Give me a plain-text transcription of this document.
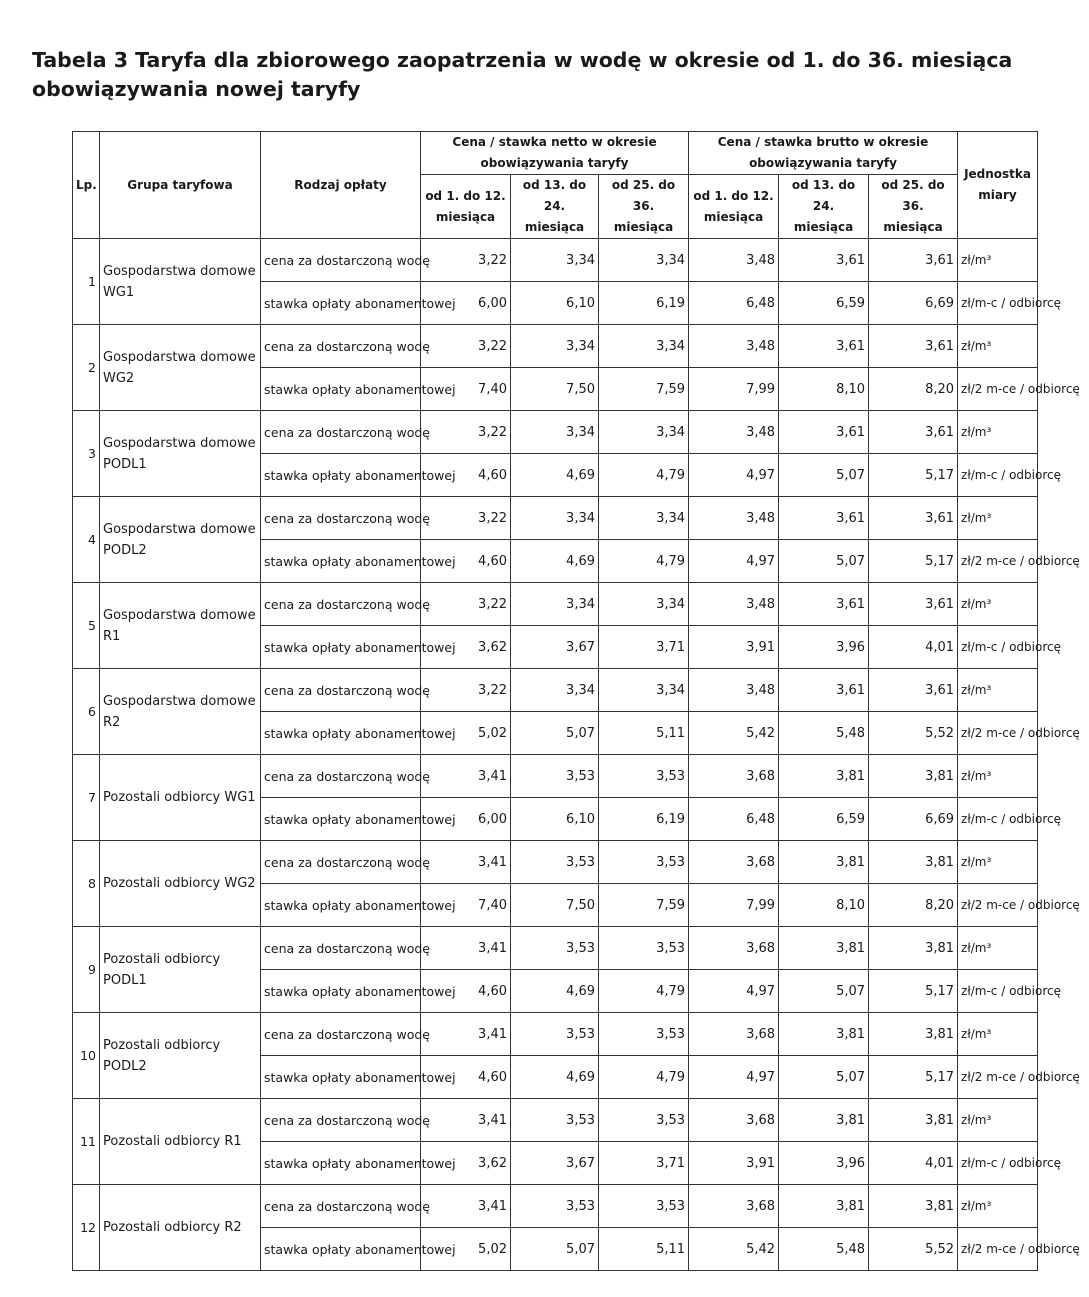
Tabela 3 Taryfa dla zbiorowego zaopatrzenia w wodę w okresie od 1. do 36. miesiąca obowiązywania nowej taryfy
Lp.	Grupa taryfowa	Rodzaj opłaty	Cena / stawka netto w okresie obowiązywania taryfy			Cena / stawka brutto w okresie obowiązywania taryfy			Jednostka miary
			od 1. do 12. miesiąca	od 13. do 24. miesiąca	od 25. do 36. miesiąca	od 1. do 12. miesiąca	od 13. do 24. miesiąca	od 25. do 36. miesiąca	
1	Gospodarstwa domowe WG1	cena za dostarczoną wodę	3,22	3,34	3,34	3,48	3,61	3,61	zł/m³
		stawka opłaty abonamentowej	6,00	6,10	6,19	6,48	6,59	6,69	zł/m-c / odbiorcę
2	Gospodarstwa domowe WG2	cena za dostarczoną wodę	3,22	3,34	3,34	3,48	3,61	3,61	zł/m³
		stawka opłaty abonamentowej	7,40	7,50	7,59	7,99	8,10	8,20	zł/2 m-ce / odbiorcę
3	Gospodarstwa domowe PODL1	cena za dostarczoną wodę	3,22	3,34	3,34	3,48	3,61	3,61	zł/m³
		stawka opłaty abonamentowej	4,60	4,69	4,79	4,97	5,07	5,17	zł/m-c / odbiorcę
4	Gospodarstwa domowe PODL2	cena za dostarczoną wodę	3,22	3,34	3,34	3,48	3,61	3,61	zł/m³
		stawka opłaty abonamentowej	4,60	4,69	4,79	4,97	5,07	5,17	zł/2 m-ce / odbiorcę
5	Gospodarstwa domowe R1	cena za dostarczoną wodę	3,22	3,34	3,34	3,48	3,61	3,61	zł/m³
		stawka opłaty abonamentowej	3,62	3,67	3,71	3,91	3,96	4,01	zł/m-c / odbiorcę
6	Gospodarstwa domowe R2	cena za dostarczoną wodę	3,22	3,34	3,34	3,48	3,61	3,61	zł/m³
		stawka opłaty abonamentowej	5,02	5,07	5,11	5,42	5,48	5,52	zł/2 m-ce / odbiorcę
7	Pozostali odbiorcy WG1	cena za dostarczoną wodę	3,41	3,53	3,53	3,68	3,81	3,81	zł/m³
		stawka opłaty abonamentowej	6,00	6,10	6,19	6,48	6,59	6,69	zł/m-c / odbiorcę
8	Pozostali odbiorcy WG2	cena za dostarczoną wodę	3,41	3,53	3,53	3,68	3,81	3,81	zł/m³
		stawka opłaty abonamentowej	7,40	7,50	7,59	7,99	8,10	8,20	zł/2 m-ce / odbiorcę
9	Pozostali odbiorcy PODL1	cena za dostarczoną wodę	3,41	3,53	3,53	3,68	3,81	3,81	zł/m³
		stawka opłaty abonamentowej	4,60	4,69	4,79	4,97	5,07	5,17	zł/m-c / odbiorcę
10	Pozostali odbiorcy PODL2	cena za dostarczoną wodę	3,41	3,53	3,53	3,68	3,81	3,81	zł/m³
		stawka opłaty abonamentowej	4,60	4,69	4,79	4,97	5,07	5,17	zł/2 m-ce / odbiorcę
11	Pozostali odbiorcy R1	cena za dostarczoną wodę	3,41	3,53	3,53	3,68	3,81	3,81	zł/m³
		stawka opłaty abonamentowej	3,62	3,67	3,71	3,91	3,96	4,01	zł/m-c / odbiorcę
12	Pozostali odbiorcy R2	cena za dostarczoną wodę	3,41	3,53	3,53	3,68	3,81	3,81	zł/m³
		stawka opłaty abonamentowej	5,02	5,07	5,11	5,42	5,48	5,52	zł/2 m-ce / odbiorcę
